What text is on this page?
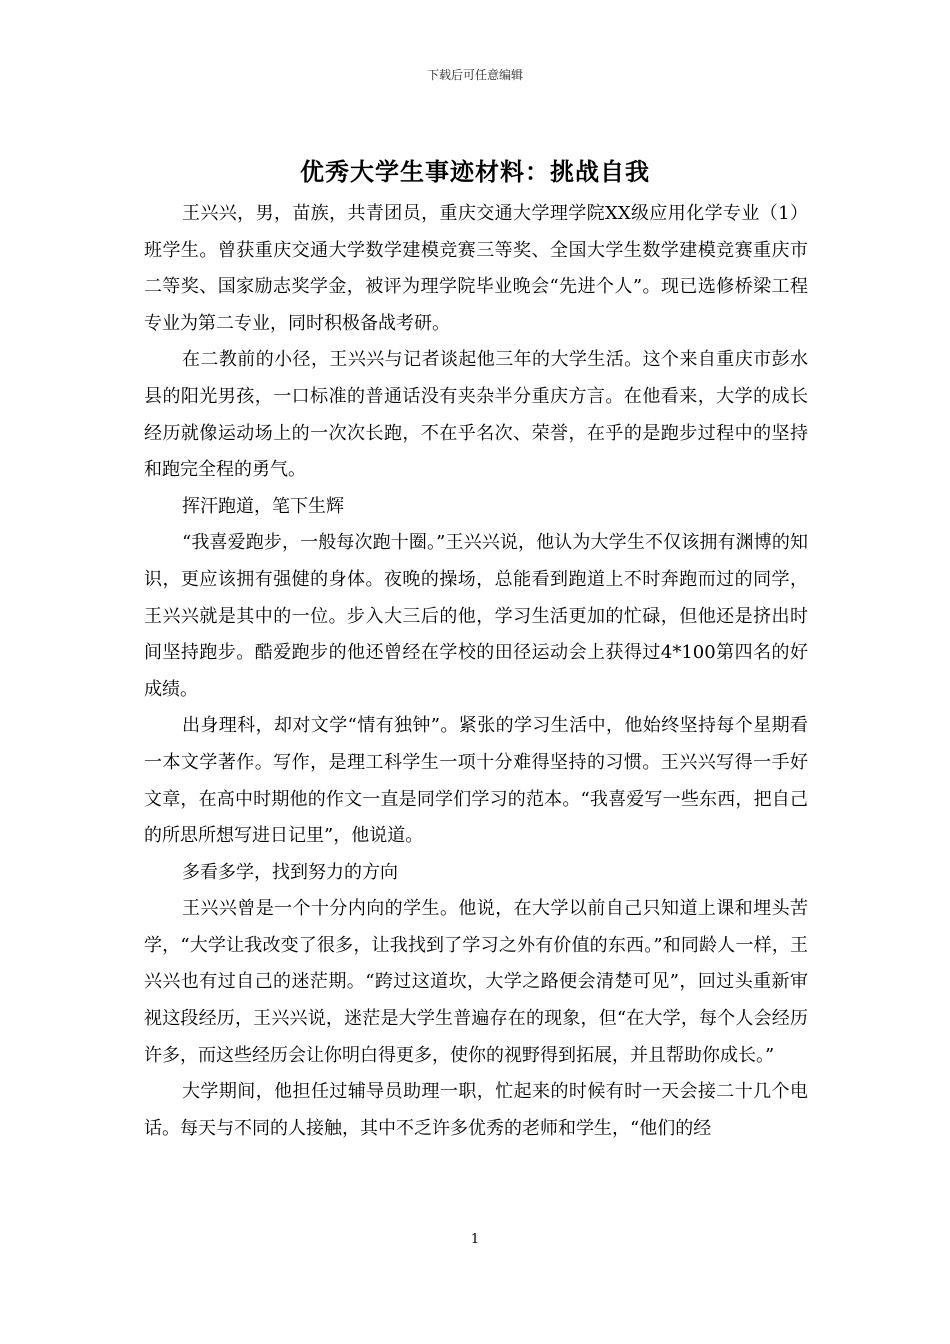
下载后可任意编辑
优秀大学生事迹材料：挑战自我

王兴兴，男，苗族，共青团员，重庆交通大学理学院XX级应用化学专业（1）班学生。曾获重庆交通大学数学建模竞赛三等奖、全国大学生数学建模竞赛重庆市二等奖、国家励志奖学金，被评为理学院毕业晚会“先进个人”。现已选修桥梁工程专业为第二专业，同时积极备战考研。

在二教前的小径，王兴兴与记者谈起他三年的大学生活。这个来自重庆市彭水县的阳光男孩，一口标准的普通话没有夹杂半分重庆方言。在他看来，大学的成长经历就像运动场上的一次次长跑，不在乎名次、荣誉，在乎的是跑步过程中的坚持和跑完全程的勇气。

挥汗跑道，笔下生辉

“我喜爱跑步，一般每次跑十圈。”王兴兴说，他认为大学生不仅该拥有渊博的知识，更应该拥有强健的身体。夜晚的操场，总能看到跑道上不时奔跑而过的同学，王兴兴就是其中的一位。步入大三后的他，学习生活更加的忙碌，但他还是挤出时间坚持跑步。酷爱跑步的他还曾经在学校的田径运动会上获得过4*100第四名的好成绩。

出身理科，却对文学“情有独钟”。紧张的学习生活中，他始终坚持每个星期看一本文学著作。写作，是理工科学生一项十分难得坚持的习惯。王兴兴写得一手好文章，在高中时期他的作文一直是同学们学习的范本。“我喜爱写一些东西，把自己的所思所想写进日记里”，他说道。

多看多学，找到努力的方向

王兴兴曾是一个十分内向的学生。他说，在大学以前自己只知道上课和埋头苦学，“大学让我改变了很多，让我找到了学习之外有价值的东西。”和同龄人一样，王兴兴也有过自己的迷茫期。“跨过这道坎，大学之路便会清楚可见”，回过头重新审视这段经历，王兴兴说，迷茫是大学生普遍存在的现象，但“在大学，每个人会经历许多，而这些经历会让你明白得更多，使你的视野得到拓展，并且帮助你成长。”

大学期间，他担任过辅导员助理一职，忙起来的时候有时一天会接二十几个电话。每天与不同的人接触，其中不乏许多优秀的老师和学生，“他们的经

1
